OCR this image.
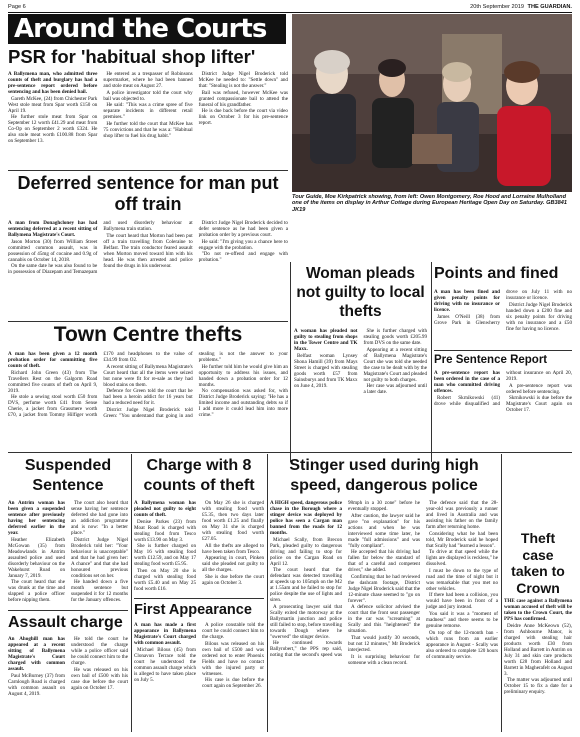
Page 6	20th September 2019 THE GUARDIAN.
Around the Courts
PSR for 'habitual shop lifter'

A Ballymena man, who admitted three counts of theft and burglary has had a pre-sentence report ordered before sentencing and has been denied bail.

Gareth McKee, (24) from Chichester Park West stole meat from Spar worth £150 on April 19.

He further stole meat from Spar on September 12 worth £41.29 and meat from Co-Op on September 2 worth £324. He also stole meat worth £100.88 from Spar on September 13.

He entered as a trespasser of Robinsons supermarket, where he had been banned and stole meat on August 27.

A police investigator told the court why bail was objected to.

He said: "This was a crime spree of five separate incidents in different retail premises."

He further told the court that McKee has 75 convictions and that he was a: "Habitual shop lifter to fuel his drug habit."

District Judge Nigel Broderick told McKee he needed to: "Settle down" and that: "Stealing is not the answer."

Bail was refused, however McKee was granted compassionate bail to attend the funeral of his grandfather.

He is due back before the court via video link on October 3 for his pre-sentence report.

Tour Guide, Moe Kirkpatrick showing, from left: Owen Montgomery, Roe Hood and Lorraine Mulholland one of the items on display in Arthur Cottage during European Heritage Open Day on Saturday. GB3841 JK19
Deferred sentence for man put off train

A man from Donaghcloney has had sentencing deferred at a recent sitting of Ballymena Magistrate's Court.

Jason Morton (30) from William Street committed common assault, was in possession of 45mg of cocaine and 0.9g of cannabis on October 14, 2018.

On the same date he was also found to be in possession of Diazepam and Temazepam and used disorderly behaviour at Ballymena train station.

The court heard that Morton had been put off a train travelling from Coleraine to Belfast. The train conductor feared assault when Morton moved toward him with his head. He was then arrested and police found the drugs in his underwear.

District Judge Nigel Broderick decided to defer sentence as he had been given a probation order by a previous court.

He said: "I'm giving you a chance here to engage with the probation.

"Do not re-offend and engage with probation."

Town Centre thefts

A man has been given a 12 month probation order for committing five counts of theft.

Richard John Green (43) from The Travellers Rest on the Galgorm Road committed five counts of theft on April 9, 2019.

He stole a sewing stool worth £50 from DVS, perfume worth £41 from Sense Cherie, a jacket from Grassmere worth £70, a jacket from Tommy Hilfiger worth £170 and headphones to the value of £34.99 from O2.

A recent sitting of Ballymena Magistrate's Court heard that all the items were seized but none were fit for re-sale as they had blood stains on them.

Defence for Green told the court that he had been a heroin addict for 16 years but had a reduced need for it.

District Judge Nigel Broderick told Green: "You understand that going in and stealing is not the answer to your problems."

He further told him he would give him an opportunity to address his issues, and handed down a probation order for 12 months.

No compensation was asked for, with District Judge Broderick saying: "He has a limited income and outstanding debts so if I add more it could lead him into more crime."

Woman pleads not guilty to local thefts

A woman has pleaded not guilty to stealing from shops in the Tower Centre and TK Maxx.

Belfast woman Lynsey Shona Hamill (39) from Mays Street is charged with stealing goods worth £57 from Sainsburys and from TK Maxx on June 4, 2019.

She is further charged with stealing goods worth £205.99 from DVS on the same date.

Appearing at a recent sitting of Ballymena Magistrate's Court she was told she needed the case to be dealt with by the Magistrate's Court and pleaded not guilty to both charges.

Her case was adjourned until a later date.

Points and fined

A man has been fined and given penalty points for driving with no insurance or licence.

James O'Neill (38) from Grove Park in Glenwherry drove on July 11 with no insurance or licence.

District Judge Nigel Broderick handed down a £200 fine and six penalty points for driving with no insurance and a £50 fine for having no licence.

Pre Sentence Report

A pre-sentence report has been ordered in the case of a man who committed driving offences.

Robert Skrnikowski (41) drove while disqualified and without insurance on April 20, 2019.

A pre-sentence report was ordered before sentencing.

Skrnikowski is due before the Magistrate's Court again on October 17.

Suspended Sentence

An Antrim woman has been given a suspended sentence after previously having her sentencing deferred earlier in the year.

Heather Elizabeth McGowan (35) from Meadowlands in Antrim assaulted police and used disorderly behaviour on the Wakehurst Road on January 7, 2019.

The court heard that she was drunk at the time and slapped a police officer before nipping them.

The court also heard that sense having her sentence deferred she had gone into an addiction programme and is now: "In a better place."

District Judge Nigel Broderick told her: "Your behaviour is unacceptable" and that he had given her: A chance" and that she had honoured previous conditions set on her.

He handed down a five month sentence but suspended it for 12 months for the January offences.

Assault charge

An Ahoghill man has appeared at a recent sitting of Ballymena Magistrate's Court charged with common assault.

Paul McBurney (37) from Carnlough Road is charged with common assault on August 4, 2019.

He told the court he understood the charge while a police officer said he could connect him to the charge.

He was released on his own bail of £500 with his case due before the court again on October 17.

Charge with 8 counts of theft

A Ballymena woman has pleaded not guilty to eight counts of theft.

Denise Parkes (23) from Moat Road is charged with stealing food from Tesco worth £13.90 on May 3.

She is further charged on May 16 with stealing food worth £12.59, and on May 17 stealing food worth £5.95.

Then on May 20 she is charged with stealing food worth £5.40 and on May 25 food worth £16.

On May 26 she is charged with stealing food worth £5.35, then two days later food worth £1.25 and finally on May 31 she is charged with stealing food worth £27.05.

All the thefts are alleged to have been taken from Tesco.

Appearing in court, Pinken said she pleaded not guilty to all the charges.

She is due before the court again on October 3.

First Appearance

A man has made a first appearance in Ballymena Magistrate's Court charged with common assault.

Michael Bilous (45) from Clonavon Terrace told the court he understood the common assault charge which is alleged to have taken place on July 5.

A police constable told the court he could connect him to the charge.

Bilous was released on his own bail of £500 and was ordered not to enter Phoenix Fields and have no contact with the injured party or witnesses.

His case is due before the court again on September 26.

Stinger used during high speed, dangerous police

A HIGH speed, dangerous police chase in the Borough where a stinger device was deployed by police has seen a Cargan man banned from the roads for 12 months.

Michael Scally, from Brecon Park, pleaded guilty to dangerous driving and failing to stop for police on the Cargan Road on April 12.

The court heard that the defendant was detected travelling at speeds up to 105mph on the M2 at 1.55am and he failed to stop for police despite the use of lights and siren.

A prosecuting lawyer said that Scally exited the motorway at the Ballymartin junction and police still failed to stop, before travelling towards Dough where he "swerved" the stinger device.

He continued towards Ballyrobert," the PPS rep said, noting that the second's speed was 98mph in a 30 zone" before he eventually stopped.

After caution, the lawyer said he gave "no explanation" for his actions and when he was interviewed some time later, he made "full admissions" and was "fully compliant".

He accepted that his driving had fallen far below the standard of that of a careful and competent driver," she added.

Confirming that he had reviewed the dashcam footage, District Judge Nigel Broderick said that the 12-minute chase seemed to "go on forever".

A defence solicitor advised the court that the front seat passenger in the car was "screaming" at Scally and this "heightened" the situation.

That would justify 30 seconds, but not 12 minutes," Mr Broderick interjected.

It is surprising behaviour for someone with a clean record.

The defence said that the 28-year-old was previously a runner and lived in Australia and was assisting his father on the family farm after returning home.

Considering what he had been told, Mr Broderick said he hoped that Scally had "learned a lesson".

To drive at that speed while the lights are displayed is reckless," he dissolved.

I must be down to the type of road and the time of night but it was remarkable that you met no other vehicles.

If there had been a collision, you would have been in front of a judge and jury instead.

You said it was a "moment of madness" and there seems to be genuine remorse.

On top of the 12-month ban - which runs from an earlier appearance in August - Scally was also ordered to complete 120 hours of community service.

Theft case taken to Crown

THE case against a Ballymena woman accused of theft will be taken to the Crown Court, the PPS has confirmed.

Deidre Anne McKeown (52), from Ashbourne Manor, is charged with stealing hair products worth £30 from Holland and Barrett in Antrim on July 31 and skin care products worth £28 from Holland and Barrett in Magherafelt on August 3.

The matter was adjourned until October 15 to fix a date for a preliminary enquiry.
